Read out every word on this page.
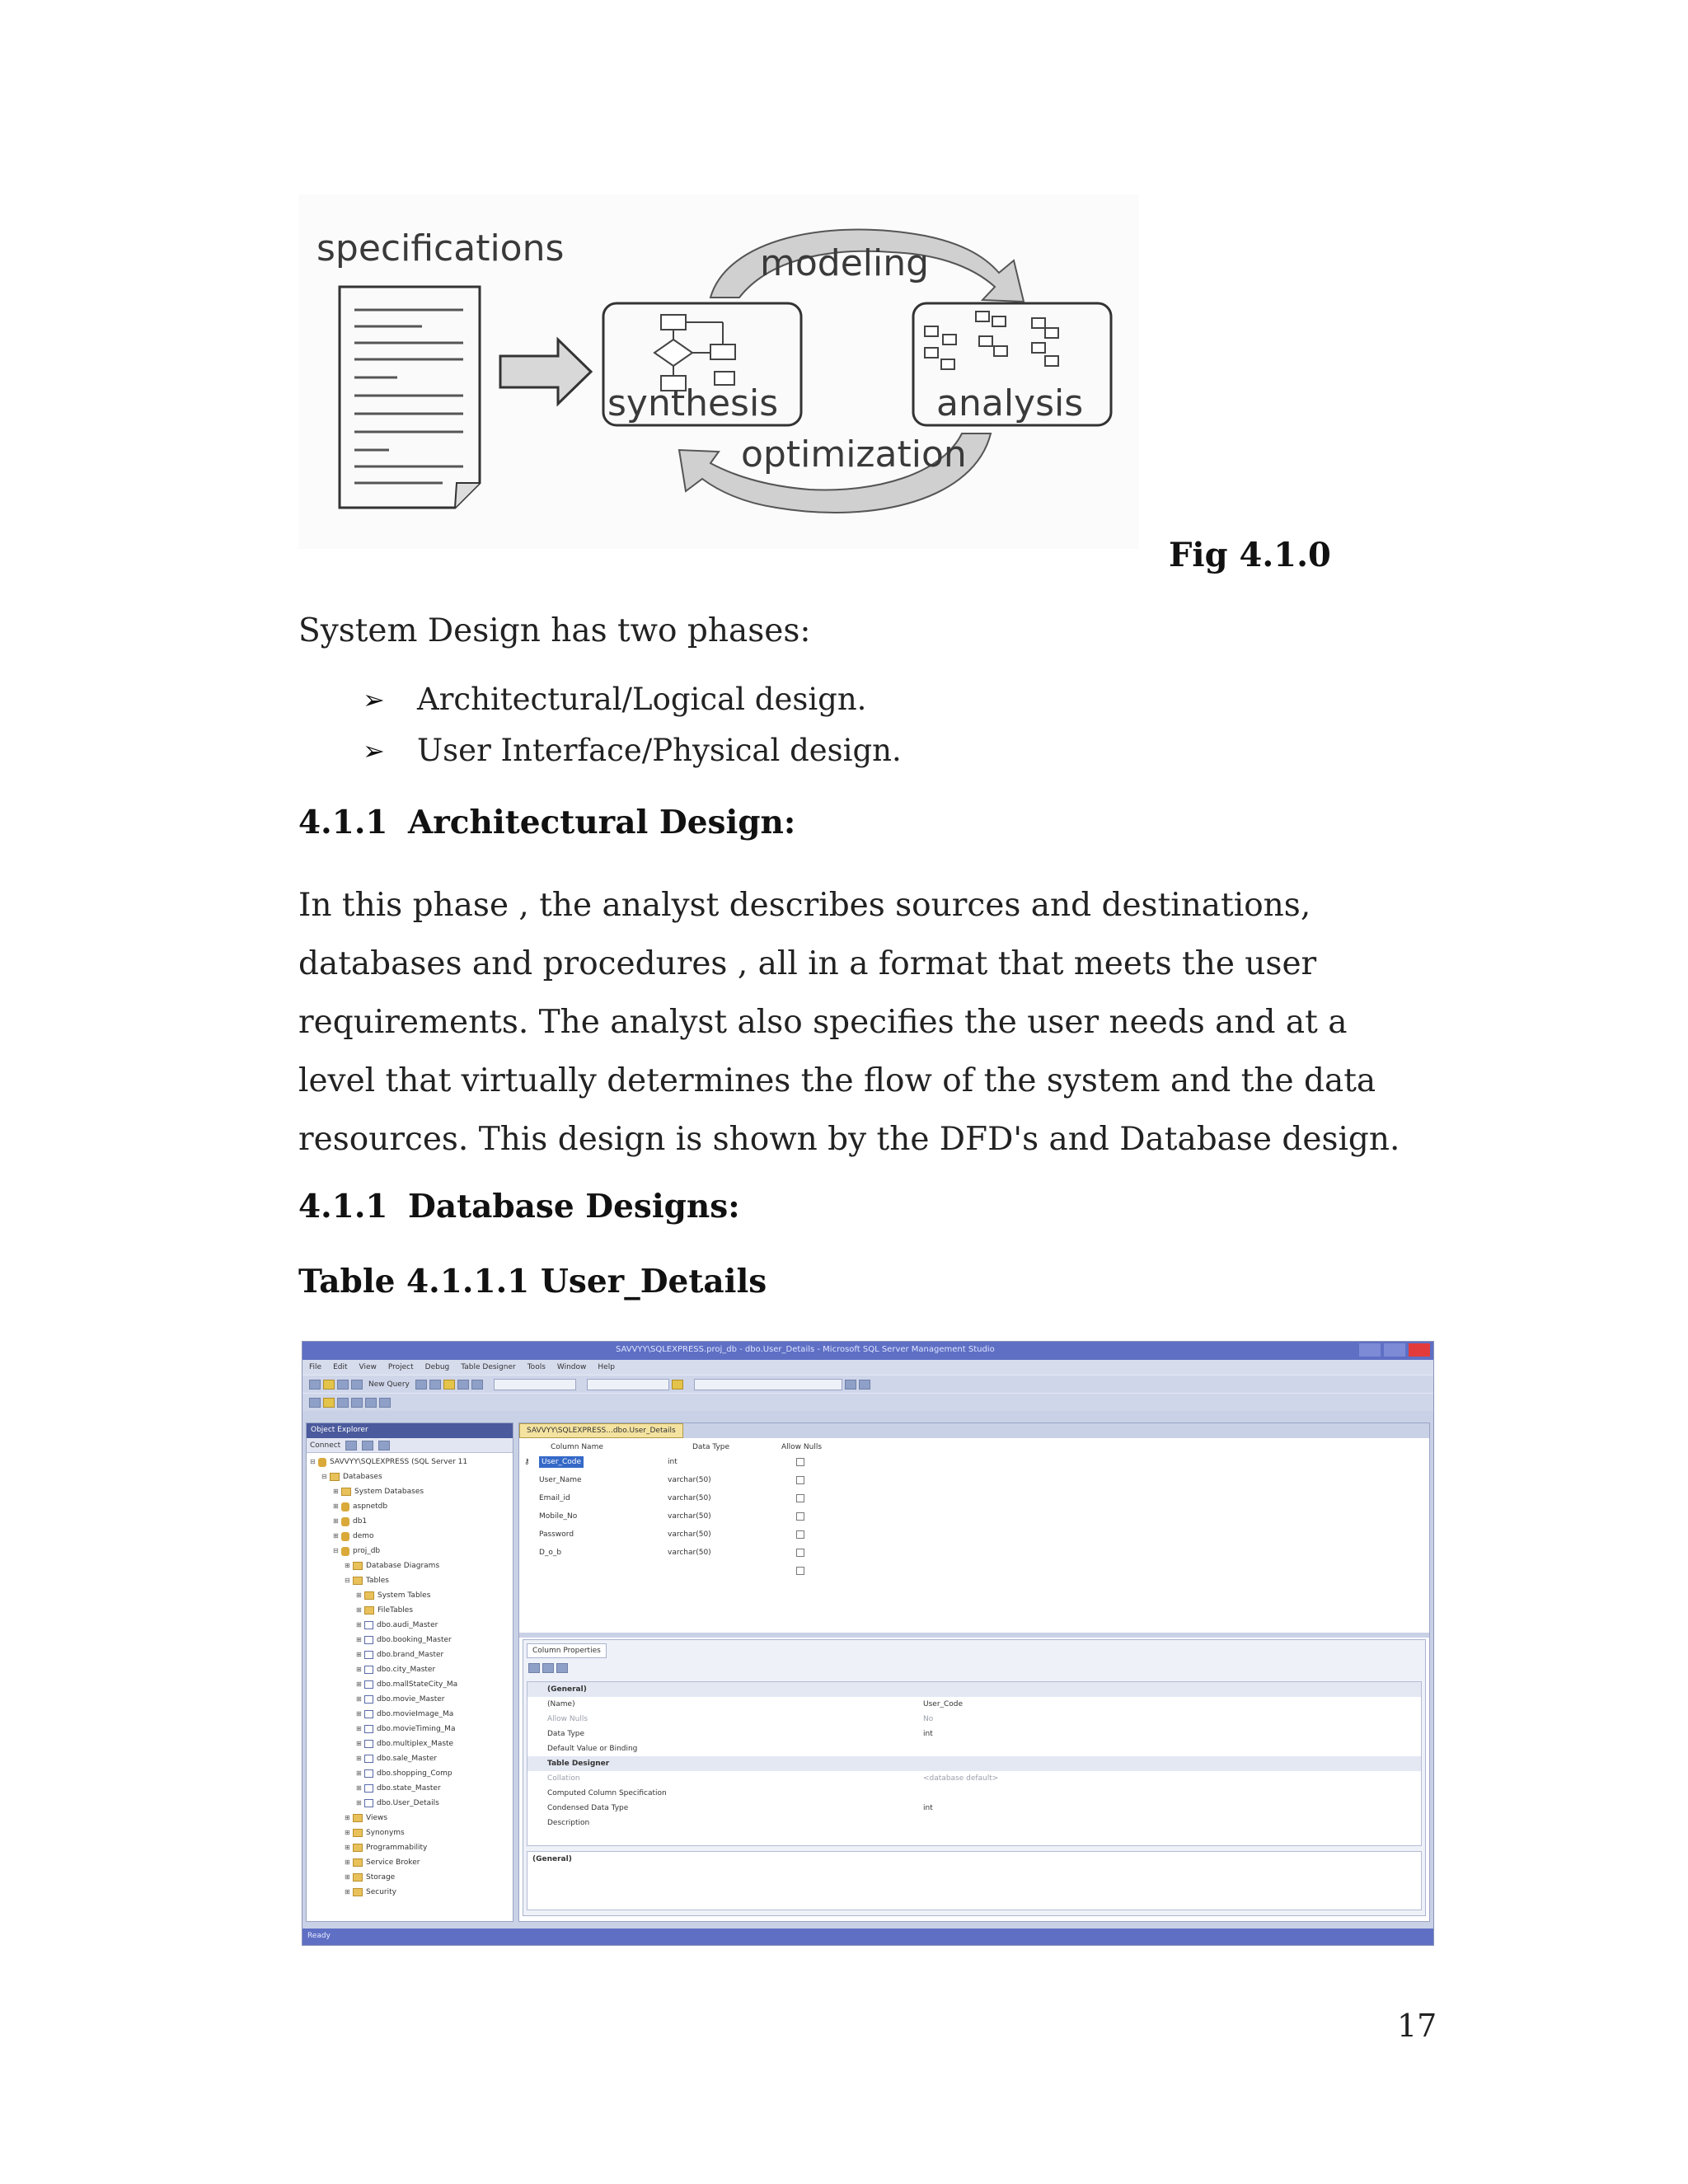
specifications
synthesis	analysis
modeling
optimization
Fig 4.1.0
System Design has two phases:
➢	Architectural/Logical design.
➢	User Interface/Physical design.
4.1.1 Architectural Design:
In this phase , the analyst describes sources and destinations,
databases and procedures , all in a format that meets the user
requirements. The analyst also specifies the user needs and at a
level that virtually determines the flow of the system and the data
resources. This design is shown by the DFD's and Database design.
4.1.1 Database Designs:
Table 4.1.1.1 User_Details
SAVVYY\SQLEXPRESS.proj_db - dbo.User_Details - Microsoft SQL Server Management Studio
File Edit View Project Debug Table Designer Tools Window Help
New Query
Object Explorer
Connect
⊟	SAVVYY\SQLEXPRESS (SQL Server 11
⊟	Databases
⊞	System Databases
⊞	aspnetdb
⊞	db1
⊞	demo
⊟	proj_db
⊞	Database Diagrams
⊟	Tables
⊞	System Tables
⊞	FileTables
⊞	dbo.audi_Master
⊞	dbo.booking_Master
⊞	dbo.brand_Master
⊞	dbo.city_Master
⊞	dbo.mallStateCity_Ma
⊞	dbo.movie_Master
⊞	dbo.movieImage_Ma
⊞	dbo.movieTiming_Ma
⊞	dbo.multiplex_Maste
⊞	dbo.sale_Master
⊞	dbo.shopping_Comp
⊞	dbo.state_Master
⊞	dbo.User_Details
⊞	Views
⊞	Synonyms
⊞	Programmability
⊞	Service Broker
⊞	Storage
⊞	Security
SAVVYY\SQLEXPRESS...dbo.User_Details
Column Name	Data Type	Allow Nulls
⚷	User_Code	int
User_Name	varchar(50)
Email_id	varchar(50)
Mobile_No	varchar(50)
Password	varchar(50)
D_o_b	varchar(50)
Column Properties
(General)
(Name)	User_Code
Allow Nulls	No
Data Type	int
Default Value or Binding
Table Designer
Collation	<database default>
Computed Column Specification
Condensed Data Type	int
Description
(General)
Ready
17
